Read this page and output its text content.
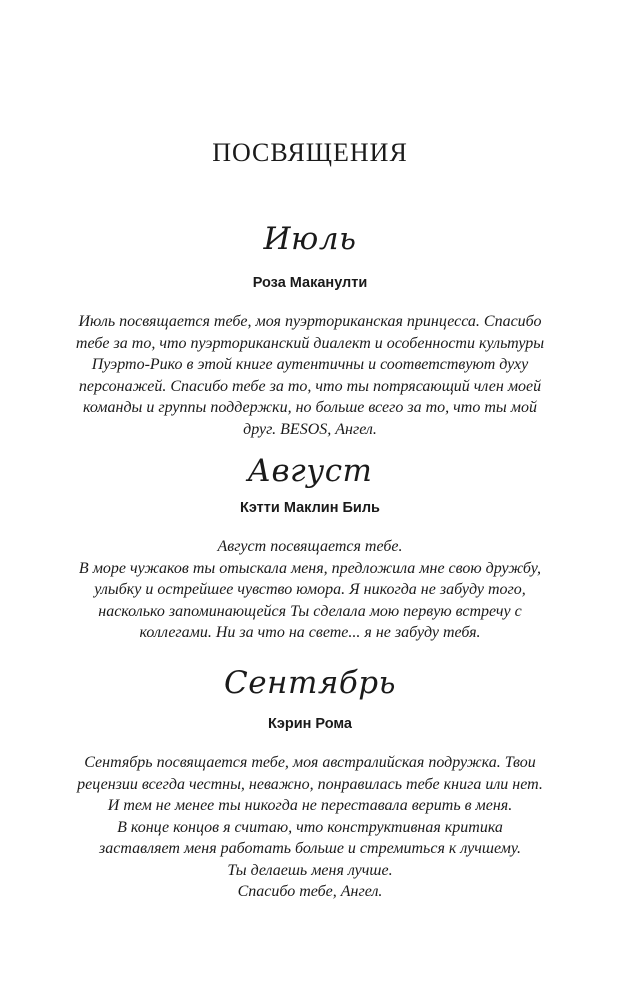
ПОСВЯЩЕНИЯ
Июль

Роза Маканулти

Июль посвящается тебе, моя пуэрториканская принцесса. Спасибо
тебе за то, что пуэрториканский диалект и особенности культуры
Пуэрто-Рико в этой книге аутентичны и соответствуют духу
персонажей. Спасибо тебе за то, что ты потрясающий член моей
команды и группы поддержки, но больше всего за то, что ты мой
друг. BESOS, Ангел.

Август

Кэтти Маклин Биль

Август посвящается тебе.
В море чужаков ты отыскала меня, предложила мне свою дружбу,
улыбку и острейшее чувство юмора. Я никогда не забуду того,
насколько запоминающейся Ты сделала мою первую встречу с
коллегами. Ни за что на свете... я не забуду тебя.

Сентябрь

Кэрин Рома

Сентябрь посвящается тебе, моя австралийская подружка. Твои
рецензии всегда честны, неважно, понравилась тебе книга или нет.
И тем не менее ты никогда не переставала верить в меня.
В конце концов я считаю, что конструктивная критика
заставляет меня работать больше и стремиться к лучшему.
Ты делаешь меня лучше.
Спасибо тебе, Ангел.
